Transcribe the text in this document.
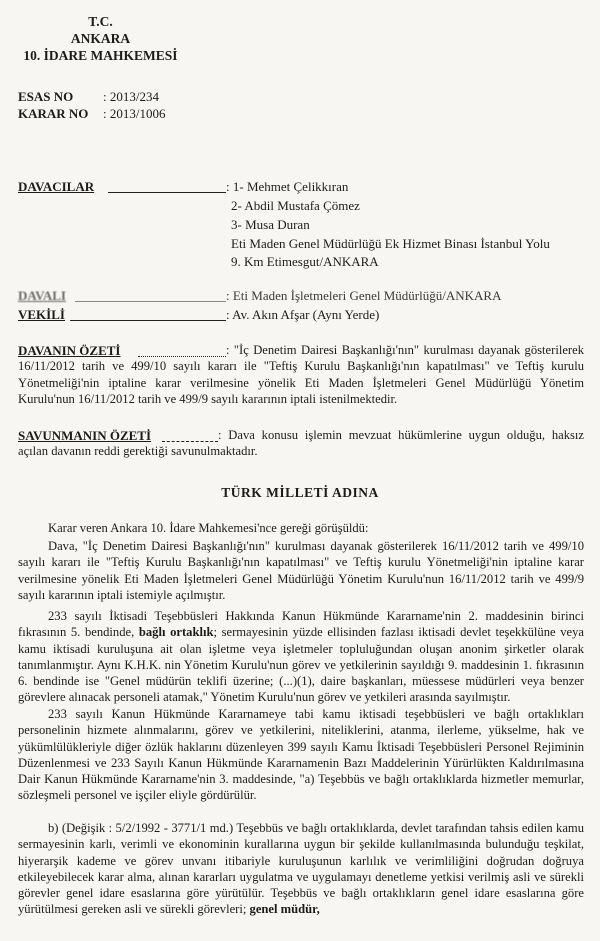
T.C.
ANKARA
10. İDARE MAHKEMESİ
ESAS NO : 2013/234
KARAR NO : 2013/1006
DAVACILAR	: 1- Mehmet Çelikkıran
2- Abdil Mustafa Çömez
3- Musa Duran
Eti Maden Genel Müdürlüğü Ek Hizmet Binası İstanbul Yolu
9. Km Etimesgut/ANKARA
DAVALI	: Eti Maden İşletmeleri Genel Müdürlüğü/ANKARA
VEKİLİ	: Av. Akın Afşar (Aynı Yerde)
DAVANIN ÖZETİ	: "İç Denetim Dairesi Başkanlığı'nın" kurulması dayanak gösterilerek 16/11/2012 tarih ve 499/10 sayılı kararı ile "Teftiş Kurulu Başkanlığı'nın kapatılması" ve Teftiş kurulu Yönetmeliği'nin iptaline karar verilmesine yönelik Eti Maden İşletmeleri Genel Müdürlüğü Yönetim Kurulu'nun 16/11/2012 tarih ve 499/9 sayılı kararının iptali istenilmektedir.
SAVUNMANIN ÖZETİ	: Dava konusu işlemin mevzuat hükümlerine uygun olduğu, haksız açılan davanın reddi gerektiği savunulmaktadır.
TÜRK MİLLETİ ADINA
Karar veren Ankara 10. İdare Mahkemesi'nce gereği görüşüldü:
Dava, "İç Denetim Dairesi Başkanlığı'nın" kurulması dayanak gösterilerek 16/11/2012 tarih ve 499/10 sayılı kararı ile "Teftiş Kurulu Başkanlığı'nın kapatılması" ve Teftiş kurulu Yönetmeliği'nin iptaline karar verilmesine yönelik Eti Maden İşletmeleri Genel Müdürlüğü Yönetim Kurulu'nun 16/11/2012 tarih ve 499/9 sayılı kararının iptali istemiyle açılmıştır.
233 sayılı İktisadi Teşebbüsleri Hakkında Kanun Hükmünde Kararname'nin 2. maddesinin birinci fıkrasının 5. bendinde, bağlı ortaklık; sermayesinin yüzde ellisinden fazlası iktisadi devlet teşekkülüne veya kamu iktisadi kuruluşuna ait olan işletme veya işletmeler topluluğundan oluşan anonim şirketler olarak tanımlanmıştır. Aynı K.H.K. nin Yönetim Kurulu'nun görev ve yetkilerinin sayıldığı 9. maddesinin 1. fıkrasının 6. bendinde ise "Genel müdürün teklifi üzerine; (...)(1), daire başkanları, müessese müdürleri veya benzer görevlere alınacak personeli atamak," Yönetim Kurulu'nun görev ve yetkileri arasında sayılmıştır.
233 sayılı Kanun Hükmünde Kararnameye tabi kamu iktisadi teşebbüsleri ve bağlı ortaklıkları personelinin hizmete alınmalarını, görev ve yetkilerini, niteliklerini, atanma, ilerleme, yükselme, hak ve yükümlülükleriyle diğer özlük haklarını düzenleyen 399 sayılı Kamu İktisadi Teşebbüsleri Personel Rejiminin Düzenlenmesi ve 233 Sayılı Kanun Hükmünde Kararnamenin Bazı Maddelerinin Yürürlükten Kaldırılmasına Dair Kanun Hükmünde Kararname'nin 3. maddesinde, "a) Teşebbüs ve bağlı ortaklıklarda hizmetler memurlar, sözleşmeli personel ve işçiler eliyle gördürülür.
b) (Değişik : 5/2/1992 - 3771/1 md.) Teşebbüs ve bağlı ortaklıklarda, devlet tarafından tahsis edilen kamu sermayesinin karlı, verimli ve ekonominin kurallarına uygun bir şekilde kullanılmasında bulunduğu teşkilat, hiyerarşik kademe ve görev unvanı itibariyle kuruluşunun karlılık ve verimliliğini doğrudan doğruya etkileyebilecek karar alma, alınan kararları uygulatma ve uygulamayı denetleme yetkisi verilmiş asli ve sürekli görevler genel idare esaslarına göre yürütülür. Teşebbüs ve bağlı ortaklıkların genel idare esaslarına göre yürütülmesi gereken asli ve sürekli görevleri; genel müdür,
